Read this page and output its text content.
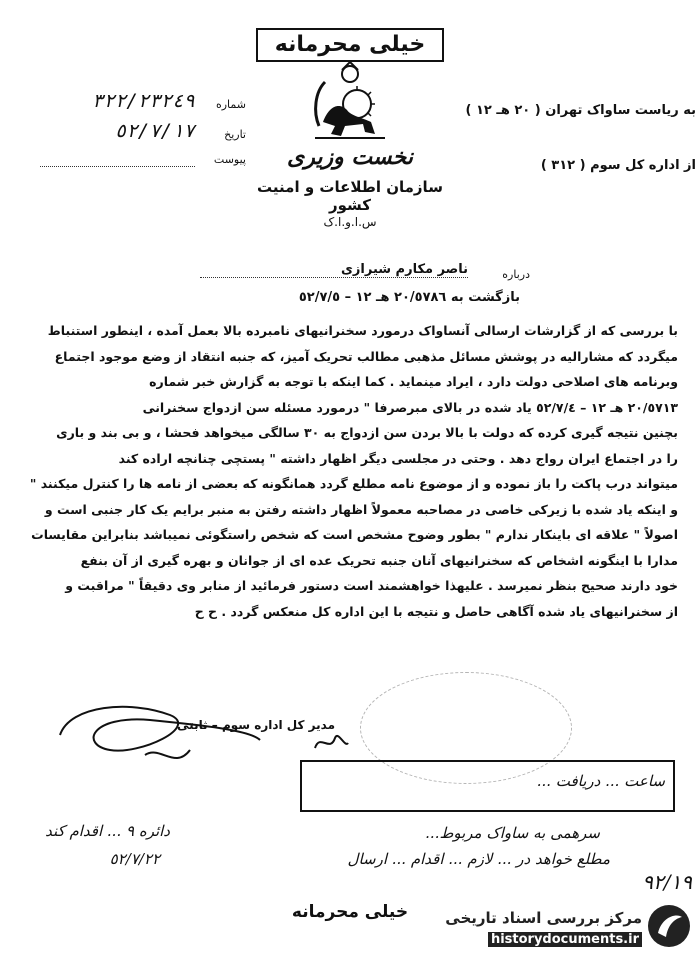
خیلی محرمانه
نخست وزیری
سازمان اطلاعات و امنیت کشور
س.ا.و.ا.ک
شماره
٣٢٢/٢٣٢٤٩
تاریخ
٥٢/٧/١٧
پیوست
به ریاست ساواک تهران ( ٢٠ هـ ١٢ )
از اداره کل سوم ( ٣١٢ )
درباره
ناصر مکارم شیرازی
بازگشت به ٢٠/٥٧٨٦ هـ ١٢ – ٥٢/٧/٥
با بررسی که از گزارشات ارسالی آنساواک درمورد سخنرانیهای نامبرده بالا بعمل آمده ، اینطور استنباط
میگردد که مشارالیه در پوشش مسائل مذهبی مطالب تحریک آمیز، که جنبه انتقاد از وضع موجود اجتماع
وبرنامه های اصلاحی دولت دارد ، ایراد مینماید . کما اینکه با توجه به گزارش خبر شماره
٢٠/٥٧١٣ هـ ١٢ – ٥٢/٧/٤ یاد شده در بالای مبرصرفا " درمورد مسئله سن ازدواج سخنرانی
بچنین نتیجه گیری کرده که دولت با بالا بردن سن ازدواج به ٣٠ سالگی میخواهد فحشا ، و بی بند و باری
را در اجتماع ایران رواج دهد . وحتی در مجلسی دیگر اظهار داشته " پستچی چنانچه اراده کند
میتواند درب پاکت را باز نموده و از موضوع نامه مطلع گردد همانگونه که بعضی از نامه ها را کنترل میکنند "
و اینکه یاد شده با زیرکی خاصی در مصاحبه معمولاً اظهار داشته رفتن به منبر برایم یک کار جنبی است و
اصولاً " علاقه ای باینکار ندارم " بطور وضوح مشخص است که شخص راستگوئی نمیباشد بنابراین مقایسات
مدارا با اینگونه اشخاص که سخنرانیهای آنان جنبه تحریک عده ای از جوانان و بهره گیری از آن بنفع
خود دارند صحیح بنظر نمیرسد . علیهذا خواهشمند است دستور فرمائید از منابر وی دقیقاً " مراقبت و
از سخنرانیهای یاد شده آگاهی حاصل و نتیجه با این اداره کل منعکس گردد . ح ح
مدیر کل اداره سوم – ثابتی
ساعت ... دریافت ...
دائره ٩ ... اقدام کند
٥٢/٧/٢٢
سرهمی به ساواک مربوط...
مطلع خواهد در ... لازم ... اقدام ... ارسال
٩٢/١٩
خیلی محرمانه	مرکز بررسی اسناد تاریخی
historydocuments.ir
